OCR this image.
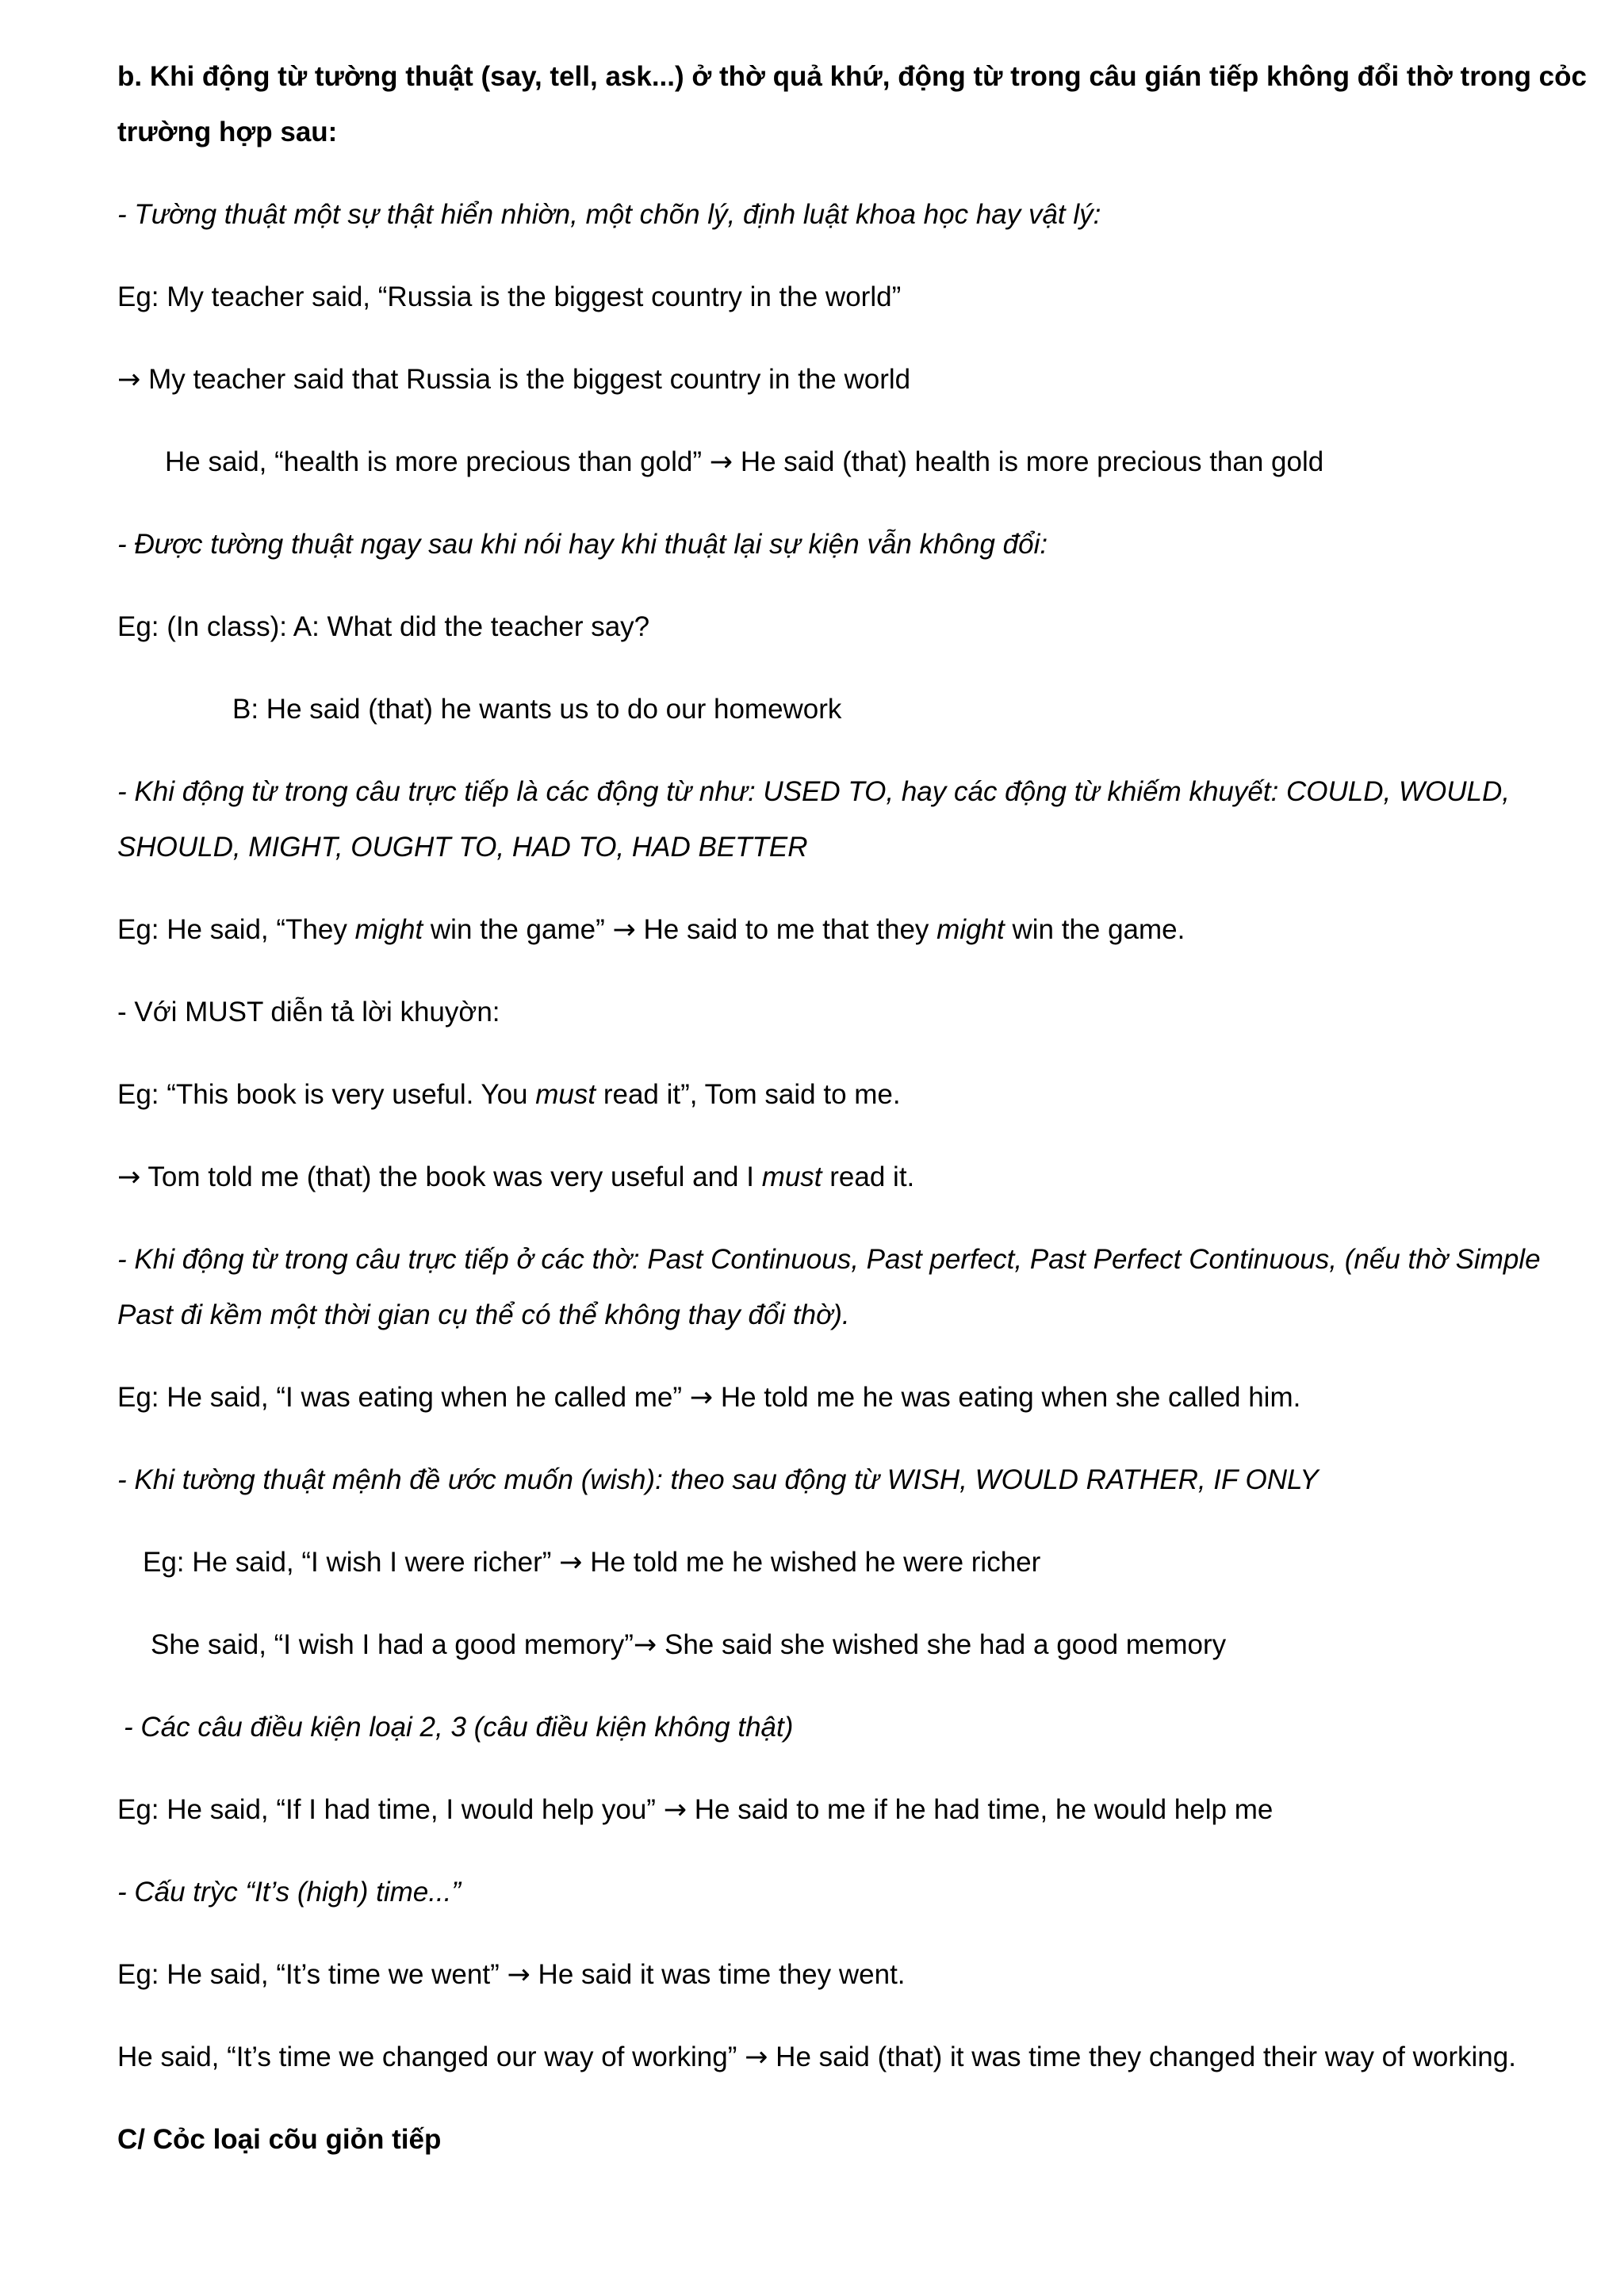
b. Khi động từ tường thuật (say, tell, ask...) ở thờ quả khứ, động từ trong câu gián tiếp không đổi thờ trong cỏc
trường hợp sau:
- Tường thuật một sự thật hiển nhiờn, một chõn lý, định luật khoa học hay vật lý:
Eg: My teacher said, “Russia is the biggest country in the world”
→ My teacher said that Russia is the biggest country in the world
He said, “health is more precious than gold” → He said (that) health is more precious than gold
- Được tường thuật ngay sau khi nói hay khi thuật lại sự kiện vẫn không đổi:
Eg: (In class): A: What did the teacher say?
B: He said (that) he wants us to do our homework
- Khi động từ trong câu trực tiếp là các động từ như: USED TO, hay các động từ khiếm khuyết: COULD, WOULD,
SHOULD, MIGHT, OUGHT TO, HAD TO, HAD BETTER
Eg: He said, “They might win the game” → He said to me that they might win the game.
- Với MUST diễn tả lời khuyờn:
Eg: “This book is very useful. You must read it”, Tom said to me.
→ Tom told me (that) the book was very useful and I must read it.
- Khi động từ trong câu trực tiếp ở các thờ: Past Continuous, Past perfect, Past Perfect Continuous, (nếu thờ Simple
Past đi kềm một thời gian cụ thể có thể không thay đổi thờ).
Eg: He said, “I was eating when he called me” → He told me he was eating when she called him.
- Khi tường thuật mệnh đề ước muốn (wish): theo sau động từ WISH, WOULD RATHER, IF ONLY
Eg: He said, “I wish I were richer” → He told me he wished he were richer
She said, “I wish I had a good memory”→ She said she wished she had a good memory
- Các câu điều kiện loại 2, 3 (câu điều kiện không thật)
Eg: He said, “If I had time, I would help you” → He said to me if he had time, he would help me
- Cấu trỳc “It’s (high) time...”
Eg: He said, “It’s time we went” → He said it was time they went.
He said, “It’s time we changed our way of working” → He said (that) it was time they changed their way of working.
C/ Cỏc loại cõu giỏn tiếp
